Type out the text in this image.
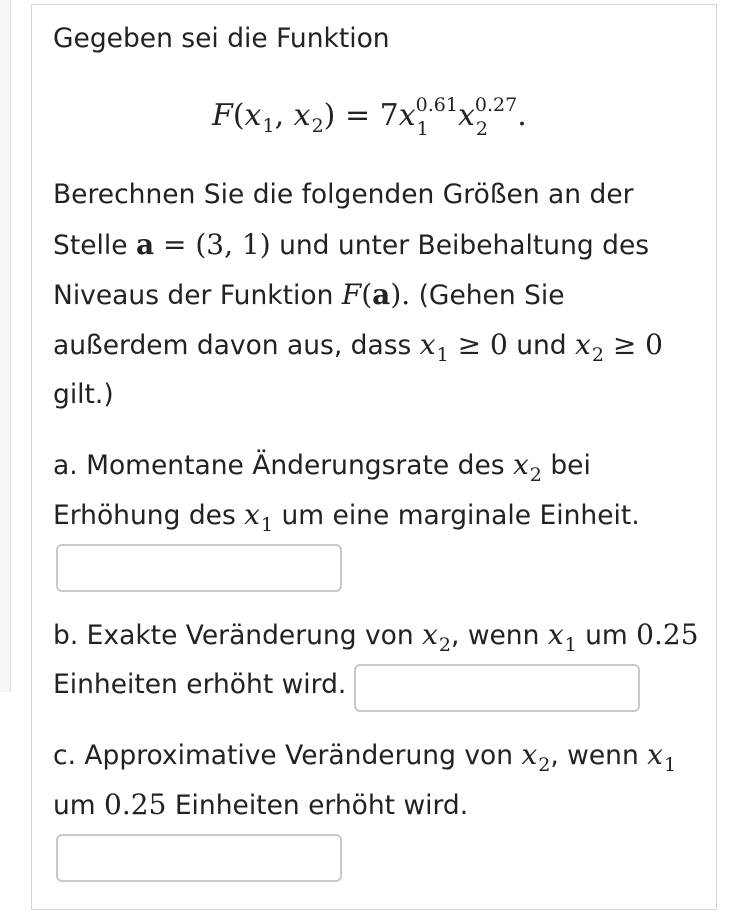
Gegeben sei die Funktion
$F(x_1$, $x_2) = 7x$ 0.61
1 x 0.27
2 .
Berechnen Sie die folgenden Größen an der
Stelle a = (3, 1) und unter Beibehaltung des
Niveaus der Funktion F(a). (Gehen Sie
außerdem davon aus, dass $x_1 \ge 0$ und $x_2 \ge 0$
gilt.)
a. Momentane Änderungsrate des $x_2$ bei
Erhöhung des $x_1$ um eine marginale Einheit.
b. Exakte Veränderung von $x_2$, wenn $x_1$ um 0.25
Einheiten erhöht wird.
c. Approximative Veränderung von $x_2$, wenn $x_1$
um 0.25 Einheiten erhöht wird.
